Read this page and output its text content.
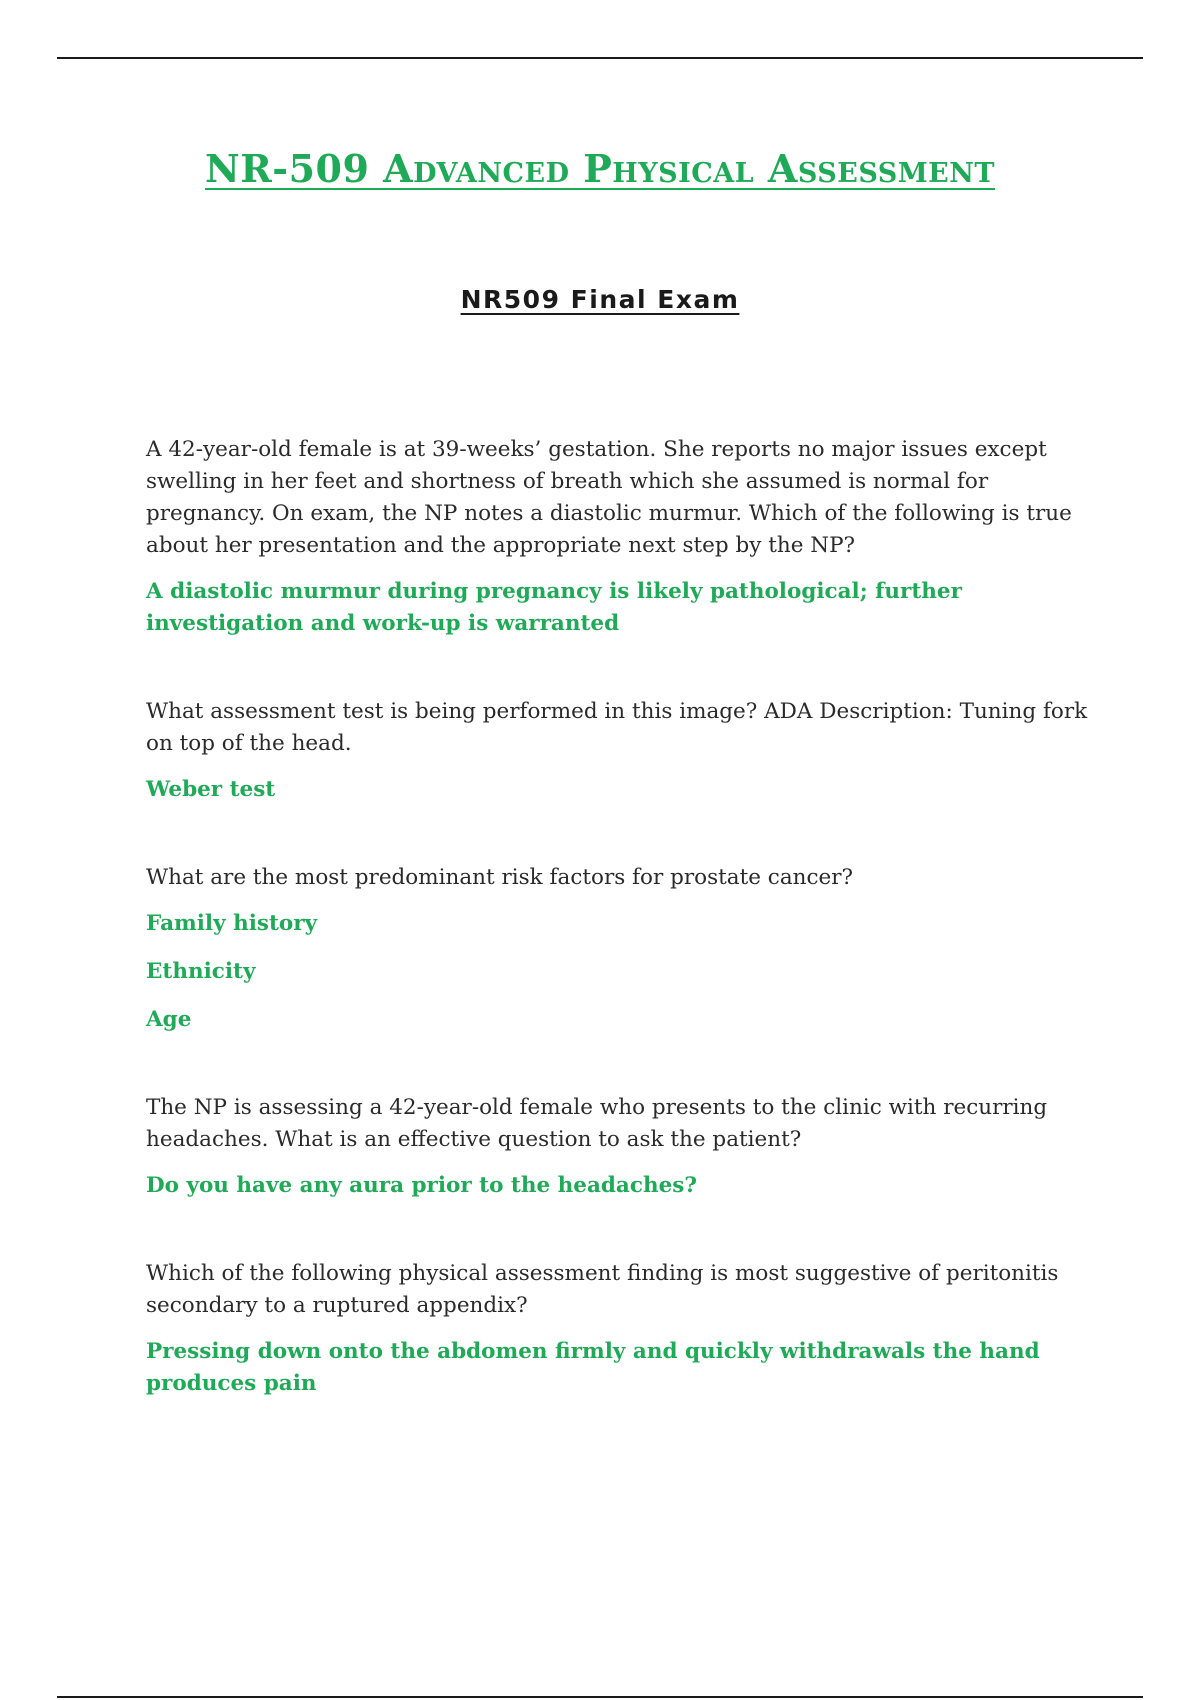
NR-509 Advanced Physical Assessment
NR509 Final Exam

A 42-year-old female is at 39-weeks’ gestation. She reports no major issues except swelling in her feet and shortness of breath which she assumed is normal for pregnancy. On exam, the NP notes a diastolic murmur. Which of the following is true about her presentation and the appropriate next step by the NP?

A diastolic murmur during pregnancy is likely pathological; further investigation and work-up is warranted

What assessment test is being performed in this image? ADA Description: Tuning fork on top of the head.

Weber test

What are the most predominant risk factors for prostate cancer?

Family history

Ethnicity

Age

The NP is assessing a 42-year-old female who presents to the clinic with recurring headaches. What is an effective question to ask the patient?

Do you have any aura prior to the headaches?

Which of the following physical assessment finding is most suggestive of peritonitis secondary to a ruptured appendix?

Pressing down onto the abdomen firmly and quickly withdrawals the hand produces pain
